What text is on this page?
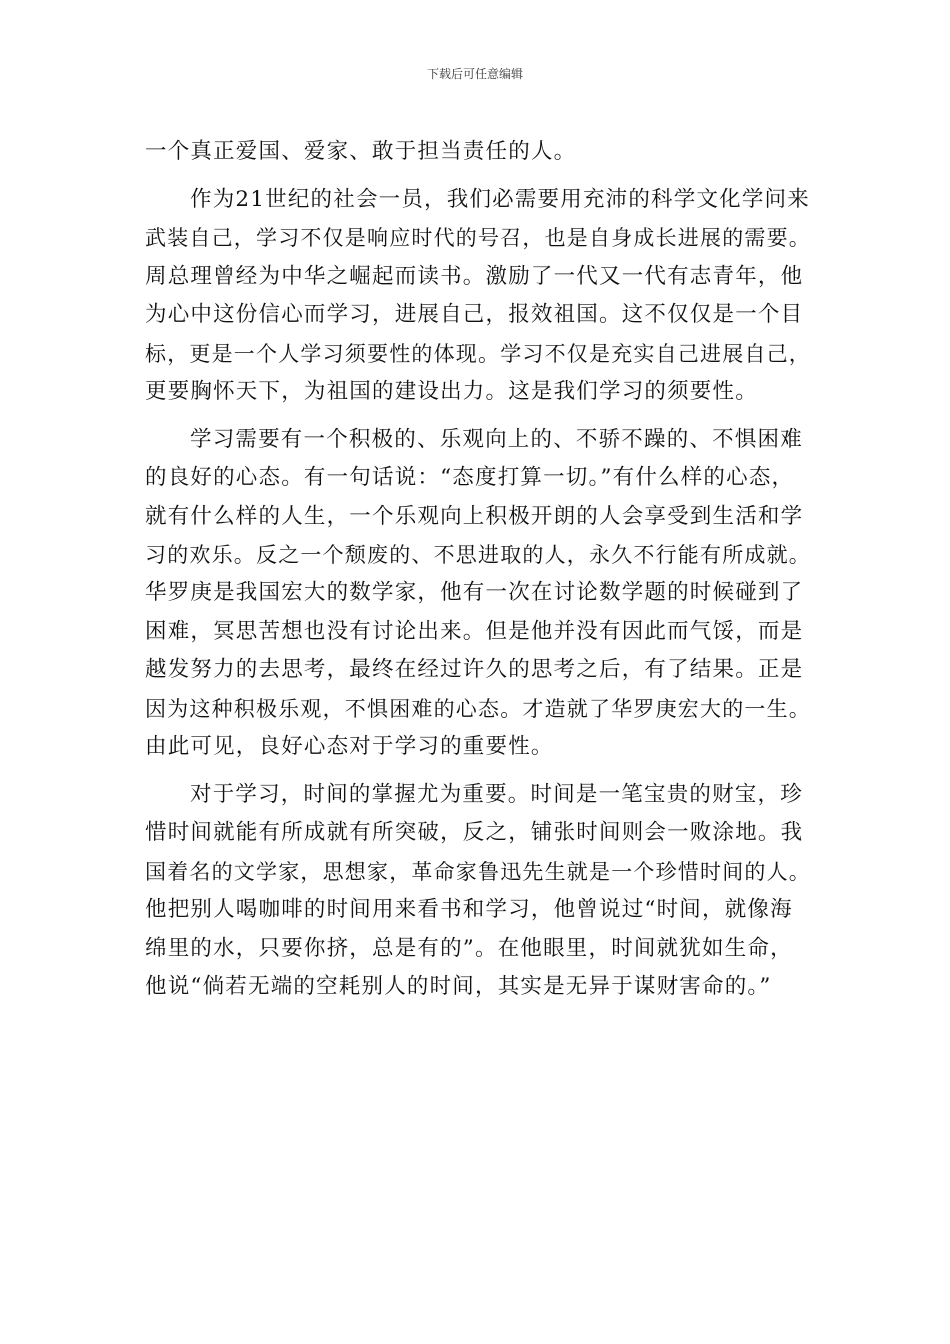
下载后可任意编辑
一个真正爱国、爱家、敢于担当责任的人。
作为21世纪的社会一员，我们必需要用充沛的科学文化学问来
武装自己，学习不仅是响应时代的号召，也是自身成长进展的需要。
周总理曾经为中华之崛起而读书。激励了一代又一代有志青年，他
为心中这份信心而学习，进展自己，报效祖国。这不仅仅是一个目
标，更是一个人学习须要性的体现。学习不仅是充实自己进展自己，
更要胸怀天下，为祖国的建设出力。这是我们学习的须要性。
学习需要有一个积极的、乐观向上的、不骄不躁的、不惧困难
的良好的心态。有一句话说：“态度打算一切。”有什么样的心态，
就有什么样的人生，一个乐观向上积极开朗的人会享受到生活和学
习的欢乐。反之一个颓废的、不思进取的人，永久不行能有所成就。
华罗庚是我国宏大的数学家，他有一次在讨论数学题的时候碰到了
困难，冥思苦想也没有讨论出来。但是他并没有因此而气馁，而是
越发努力的去思考，最终在经过许久的思考之后，有了结果。正是
因为这种积极乐观，不惧困难的心态。才造就了华罗庚宏大的一生。
由此可见，良好心态对于学习的重要性。
对于学习，时间的掌握尤为重要。时间是一笔宝贵的财宝，珍
惜时间就能有所成就有所突破，反之，铺张时间则会一败涂地。我
国着名的文学家，思想家，革命家鲁迅先生就是一个珍惜时间的人。
他把别人喝咖啡的时间用来看书和学习，他曾说过“时间，就像海
绵里的水，只要你挤，总是有的”。在他眼里，时间就犹如生命，
他说“倘若无端的空耗别人的时间，其实是无异于谋财害命的。”
